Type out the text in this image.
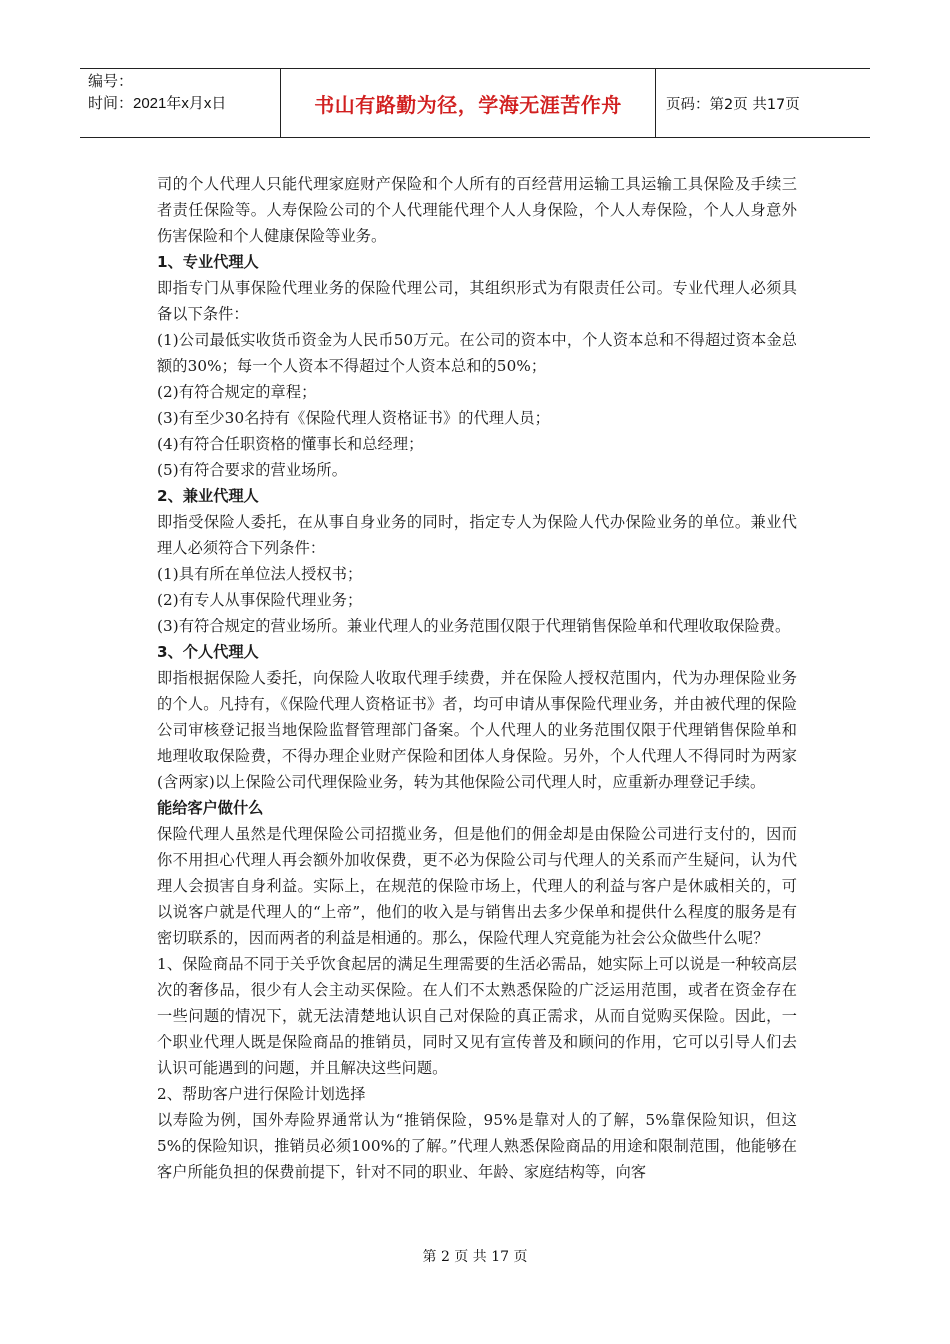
编号：
时间：2021年x月x日	书山有路勤为径，学海无涯苦作舟	页码：第2页 共17页

司的个人代理人只能代理家庭财产保险和个人所有的百经营用运输工具运输工具保险及手续三者责任保险等。人寿保险公司的个人代理能代理个人人身保险，个人人寿保险，个人人身意外伤害保险和个人健康保险等业务。

1、专业代理人

即指专门从事保险代理业务的保险代理公司，其组织形式为有限责任公司。专业代理人必须具备以下条件：

(1)公司最低实收货币资金为人民币50万元。在公司的资本中，个人资本总和不得超过资本金总额的30%；每一个人资本不得超过个人资本总和的50%；

(2)有符合规定的章程；

(3)有至少30名持有《保险代理人资格证书》的代理人员；

(4)有符合任职资格的懂事长和总经理；

(5)有符合要求的营业场所。

2、兼业代理人

即指受保险人委托，在从事自身业务的同时，指定专人为保险人代办保险业务的单位。兼业代理人必须符合下列条件：

(1)具有所在单位法人授权书；

(2)有专人从事保险代理业务；

(3)有符合规定的营业场所。兼业代理人的业务范围仅限于代理销售保险单和代理收取保险费。

3、个人代理人

即指根据保险人委托，向保险人收取代理手续费，并在保险人授权范围内，代为办理保险业务的个人。凡持有，《保险代理人资格证书》者，均可申请从事保险代理业务，并由被代理的保险公司审核登记报当地保险监督管理部门备案。个人代理人的业务范围仅限于代理销售保险单和地理收取保险费，不得办理企业财产保险和团体人身保险。另外，个人代理人不得同时为两家(含两家)以上保险公司代理保险业务，转为其他保险公司代理人时，应重新办理登记手续。

能给客户做什么

保险代理人虽然是代理保险公司招揽业务，但是他们的佣金却是由保险公司进行支付的，因而你不用担心代理人再会额外加收保费，更不必为保险公司与代理人的关系而产生疑问，认为代理人会损害自身利益。实际上，在规范的保险市场上，代理人的利益与客户是休戚相关的，可以说客户就是代理人的“上帝”，他们的收入是与销售出去多少保单和提供什么程度的服务是有密切联系的，因而两者的利益是相通的。那么，保险代理人究竟能为社会公众做些什么呢？

1、保险商品不同于关乎饮食起居的满足生理需要的生活必需品，她实际上可以说是一种较高层次的奢侈品，很少有人会主动买保险。在人们不太熟悉保险的广泛运用范围，或者在资金存在一些问题的情况下，就无法清楚地认识自己对保险的真正需求，从而自觉购买保险。因此，一个职业代理人既是保险商品的推销员，同时又见有宣传普及和顾问的作用，它可以引导人们去认识可能遇到的问题，并且解决这些问题。

2、帮助客户进行保险计划选择

以寿险为例，国外寿险界通常认为“推销保险，95%是靠对人的了解，5%靠保险知识，但这5%的保险知识，推销员必须100%的了解。”代理人熟悉保险商品的用途和限制范围，他能够在客户所能负担的保费前提下，针对不同的职业、年龄、家庭结构等，向客

第 2 页 共 17 页
